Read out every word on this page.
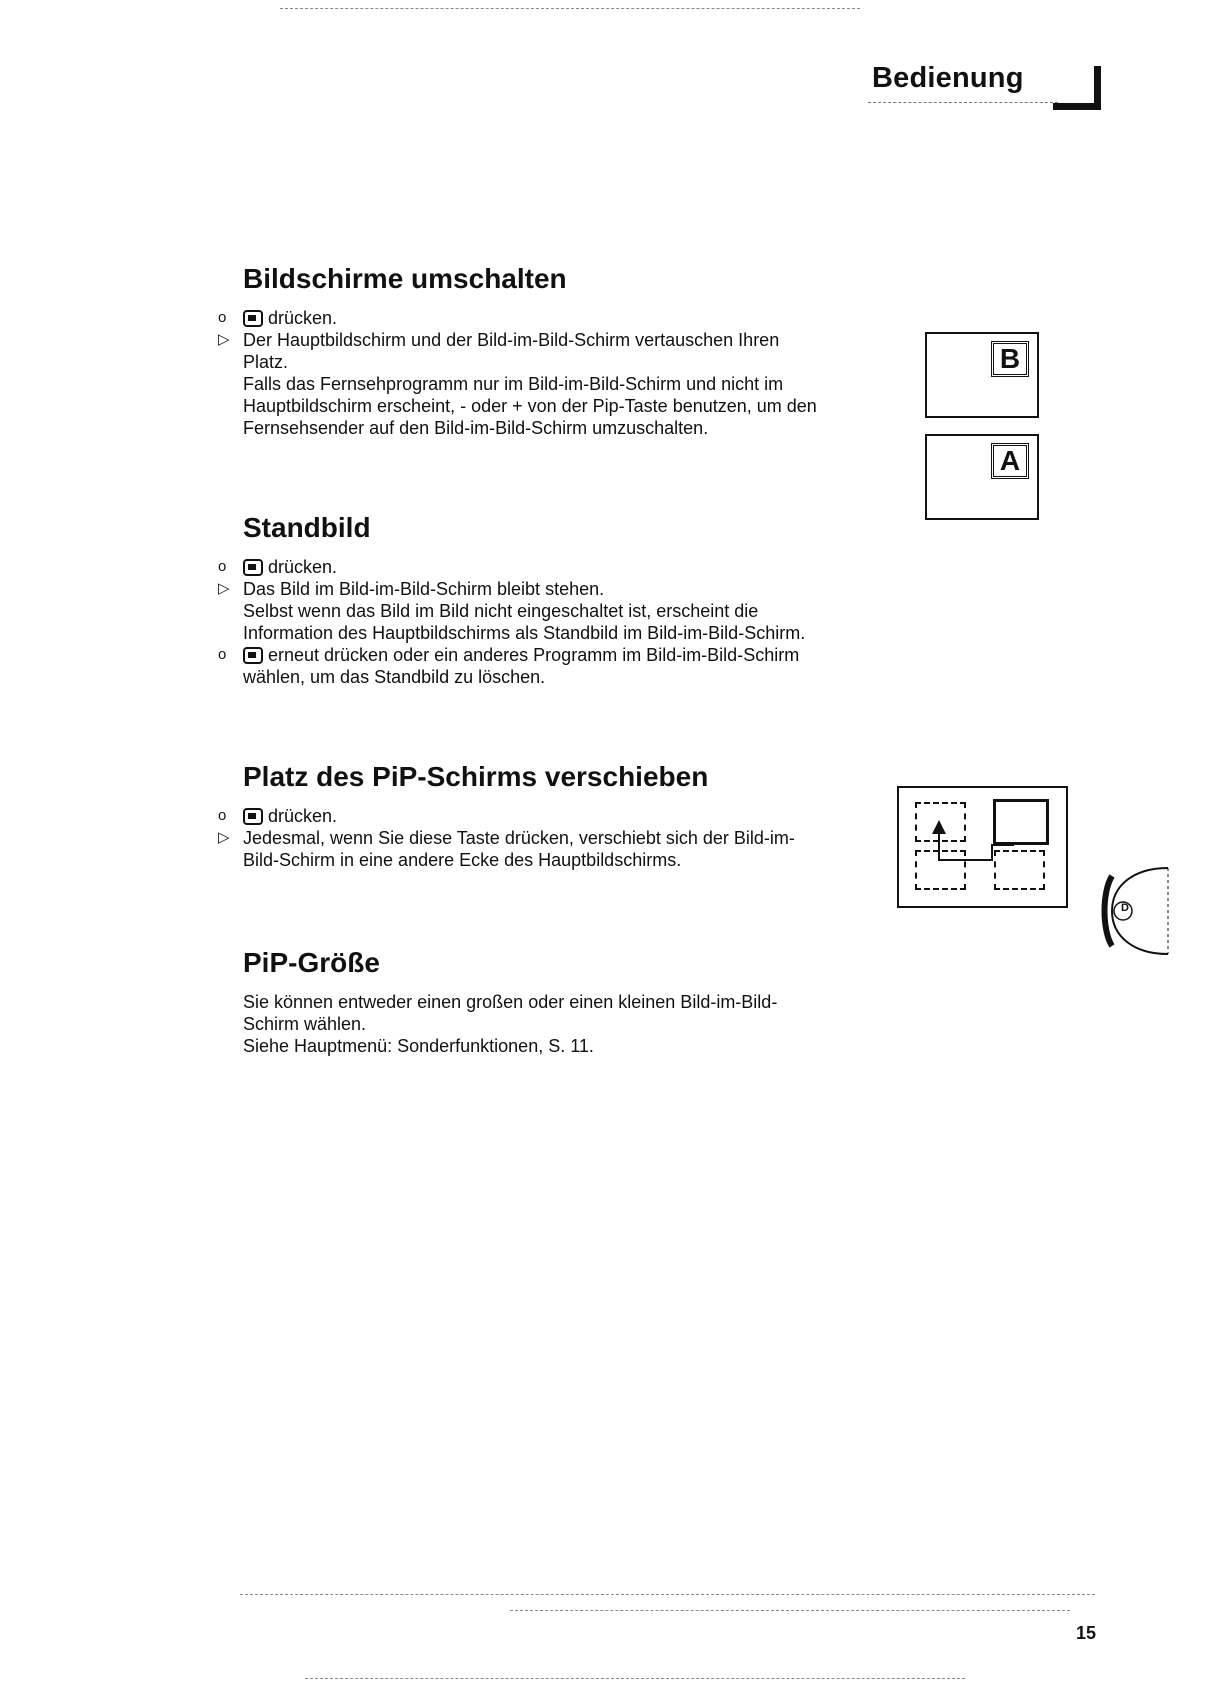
Bedienung
Bildschirme umschalten
o	drücken.
▷ Der Hauptbildschirm und der Bild-im-Bild-Schirm vertauschen Ihren
Platz.
Falls das Fernsehprogramm nur im Bild-im-Bild-Schirm und nicht im
Hauptbildschirm erscheint, - oder + von der Pip-Taste benutzen, um den
Fernsehsender auf den Bild-im-Bild-Schirm umzuschalten.
B
A
Standbild
o	drücken.
▷ Das Bild im Bild-im-Bild-Schirm bleibt stehen.
Selbst wenn das Bild im Bild nicht eingeschaltet ist, erscheint die
Information des Hauptbildschirms als Standbild im Bild-im-Bild-Schirm.
o	erneut drücken oder ein anderes Programm im Bild-im-Bild-Schirm
wählen, um das Standbild zu löschen.
Platz des PiP-Schirms verschieben
o	drücken.
▷ Jedesmal, wenn Sie diese Taste drücken, verschiebt sich der Bild-im-
Bild-Schirm in eine andere Ecke des Hauptbildschirms.
D
PiP-Größe
Sie können entweder einen großen oder einen kleinen Bild-im-Bild-
Schirm wählen.
Siehe Hauptmenü: Sonderfunktionen, S. 11.
15
